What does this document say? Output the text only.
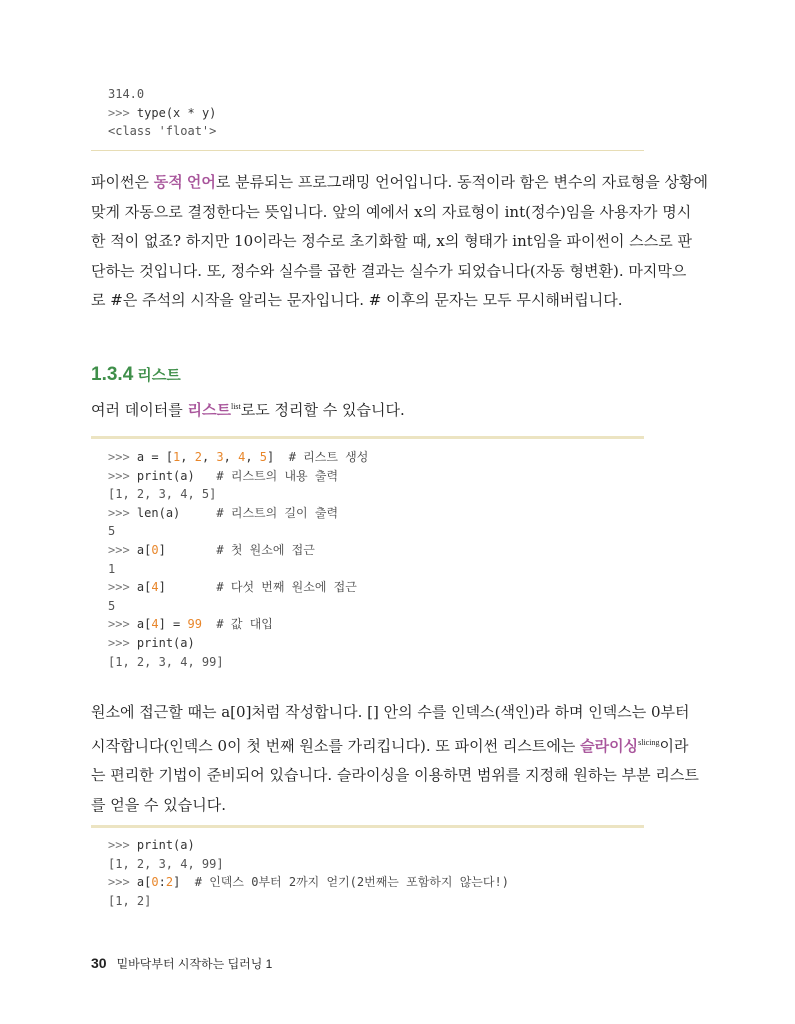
314.0
>>> type(x * y)
<class 'float'>

파이썬은 동적 언어로 분류되는 프로그래밍 언어입니다. 동적이라 함은 변수의 자료형을 상황에

맞게 자동으로 결정한다는 뜻입니다. 앞의 예에서 x의 자료형이 int(정수)임을 사용자가 명시

한 적이 없죠? 하지만 10이라는 정수로 초기화할 때, x의 형태가 int임을 파이썬이 스스로 판

단하는 것입니다. 또, 정수와 실수를 곱한 결과는 실수가 되었습니다(자동 형변환). 마지막으

로 #은 주석의 시작을 알리는 문자입니다. # 이후의 문자는 모두 무시해버립니다.

1.3.4 리스트

여러 데이터를 리스트$^{list}$로도 정리할 수 있습니다.

>>> a = [1, 2, 3, 4, 5]  # 리스트 생성
>>> print(a) # 리스트의 내용 출력
[1, 2, 3, 4, 5]
>>> len(a)	# 리스트의 길이 출력
5
>>> a[0]       # 첫 원소에 접근
1
>>> a[4]       # 다섯 번째 원소에 접근
5
>>> a[4] = 99 # 값 대입
>>> print(a)
[1, 2, 3, 4, 99]

원소에 접근할 때는 a[0]처럼 작성합니다. [] 안의 수를 인덱스(색인)라 하며 인덱스는 0부터

시작합니다(인덱스 0이 첫 번째 원소를 가리킵니다). 또 파이썬 리스트에는 슬라이싱$^{slicing}$이라

는 편리한 기법이 준비되어 있습니다. 슬라이싱을 이용하면 범위를 지정해 원하는 부분 리스트

를 얻을 수 있습니다.

>>> print(a)
[1, 2, 3, 4, 99]
>>> a[0:2] # 인덱스 0부터 2까지 얻기(2번째는 포함하지 않는다!)
[1, 2]
30 밑바닥부터 시작하는 딥러닝 1
